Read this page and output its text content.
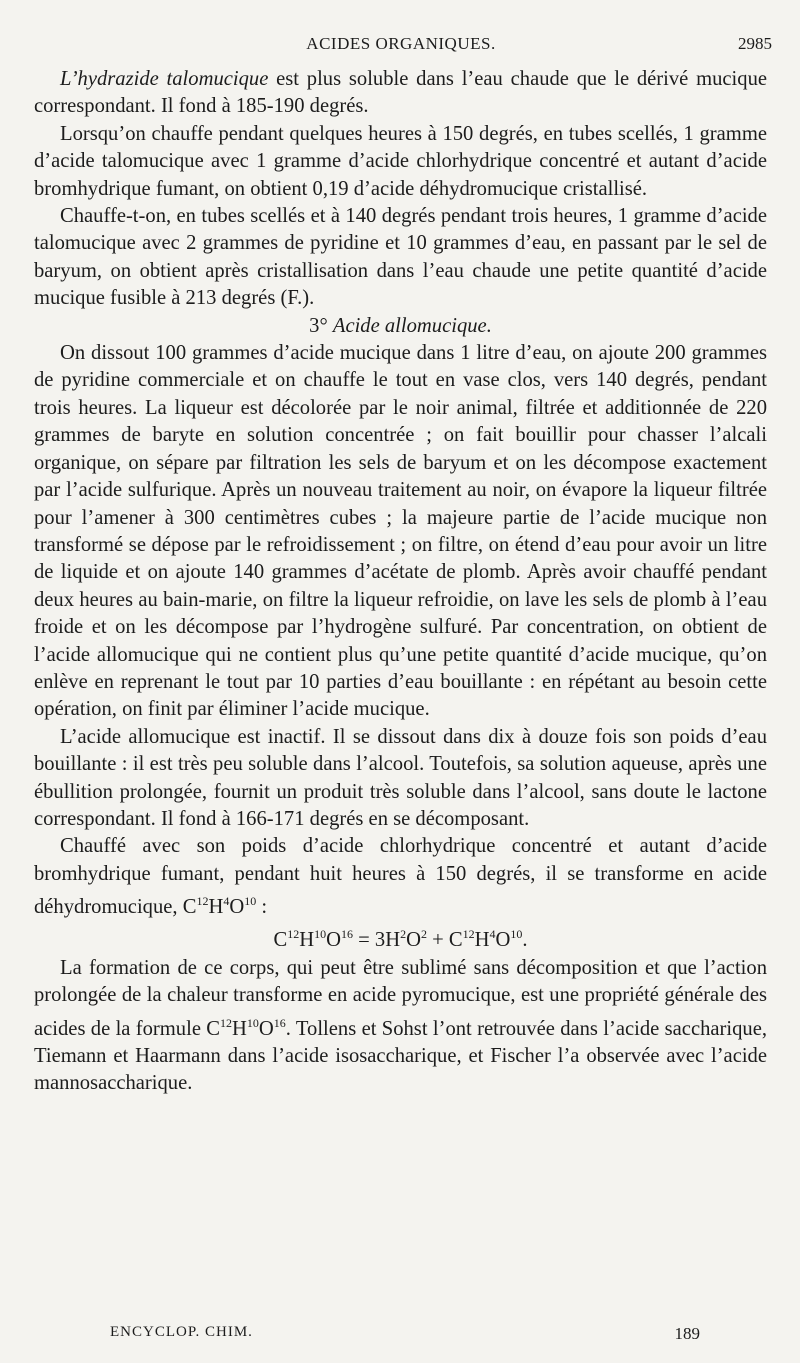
ACIDES ORGANIQUES.	2985

L’hydrazide talomucique est plus soluble dans l’eau chaude que le dérivé mucique correspondant. Il fond à 185-190 degrés.

Lorsqu’on chauffe pendant quelques heures à 150 degrés, en tubes scellés, 1 gramme d’acide talomucique avec 1 gramme d’acide chlorhydrique concentré et autant d’acide bromhydrique fumant, on obtient 0,19 d’acide déhydromucique cristallisé.

Chauffe-t-on, en tubes scellés et à 140 degrés pendant trois heures, 1 gramme d’acide talomucique avec 2 grammes de pyridine et 10 grammes d’eau, en passant par le sel de baryum, on obtient après cristallisation dans l’eau chaude une petite quantité d’acide mucique fusible à 213 degrés (F.).

3° Acide allomucique.

On dissout 100 grammes d’acide mucique dans 1 litre d’eau, on ajoute 200 grammes de pyridine commerciale et on chauffe le tout en vase clos, vers 140 degrés, pendant trois heures. La liqueur est décolorée par le noir animal, filtrée et additionnée de 220 grammes de baryte en solution concentrée ; on fait bouillir pour chasser l’alcali organique, on sépare par filtration les sels de baryum et on les décompose exactement par l’acide sulfurique. Après un nouveau traitement au noir, on évapore la liqueur filtrée pour l’amener à 300 centimètres cubes ; la majeure partie de l’acide mucique non transformé se dépose par le refroidissement ; on filtre, on étend d’eau pour avoir un litre de liquide et on ajoute 140 grammes d’acétate de plomb. Après avoir chauffé pendant deux heures au bain-marie, on filtre la liqueur refroidie, on lave les sels de plomb à l’eau froide et on les décompose par l’hydrogène sulfuré. Par concentration, on obtient de l’acide allomucique qui ne contient plus qu’une petite quantité d’acide mucique, qu’on enlève en reprenant le tout par 10 parties d’eau bouillante : en répétant au besoin cette opération, on finit par éliminer l’acide mucique.

L’acide allomucique est inactif. Il se dissout dans dix à douze fois son poids d’eau bouillante : il est très peu soluble dans l’alcool. Toutefois, sa solution aqueuse, après une ébullition prolongée, fournit un produit très soluble dans l’alcool, sans doute le lactone correspondant. Il fond à 166-171 degrés en se décomposant.

Chauffé avec son poids d’acide chlorhydrique concentré et autant d’acide bromhydrique fumant, pendant huit heures à 150 degrés, il se transforme en acide déhydromucique, $C^{12}H^4O^{10}$ :

$C^{12}H^{10}O^{16} = 3H^2O^2 + C^{12}H^4O^{10}$.

La formation de ce corps, qui peut être sublimé sans décomposition et que l’action prolongée de la chaleur transforme en acide pyromucique, est une propriété générale des acides de la formule $C^{12}H^{10}O^{16}$. Tollens et Sohst l’ont retrouvée dans l’acide saccharique, Tiemann et Haarmann dans l’acide isosaccharique, et Fischer l’a observée avec l’acide mannosaccharique.

ENCYCLOP. CHIM.	189
